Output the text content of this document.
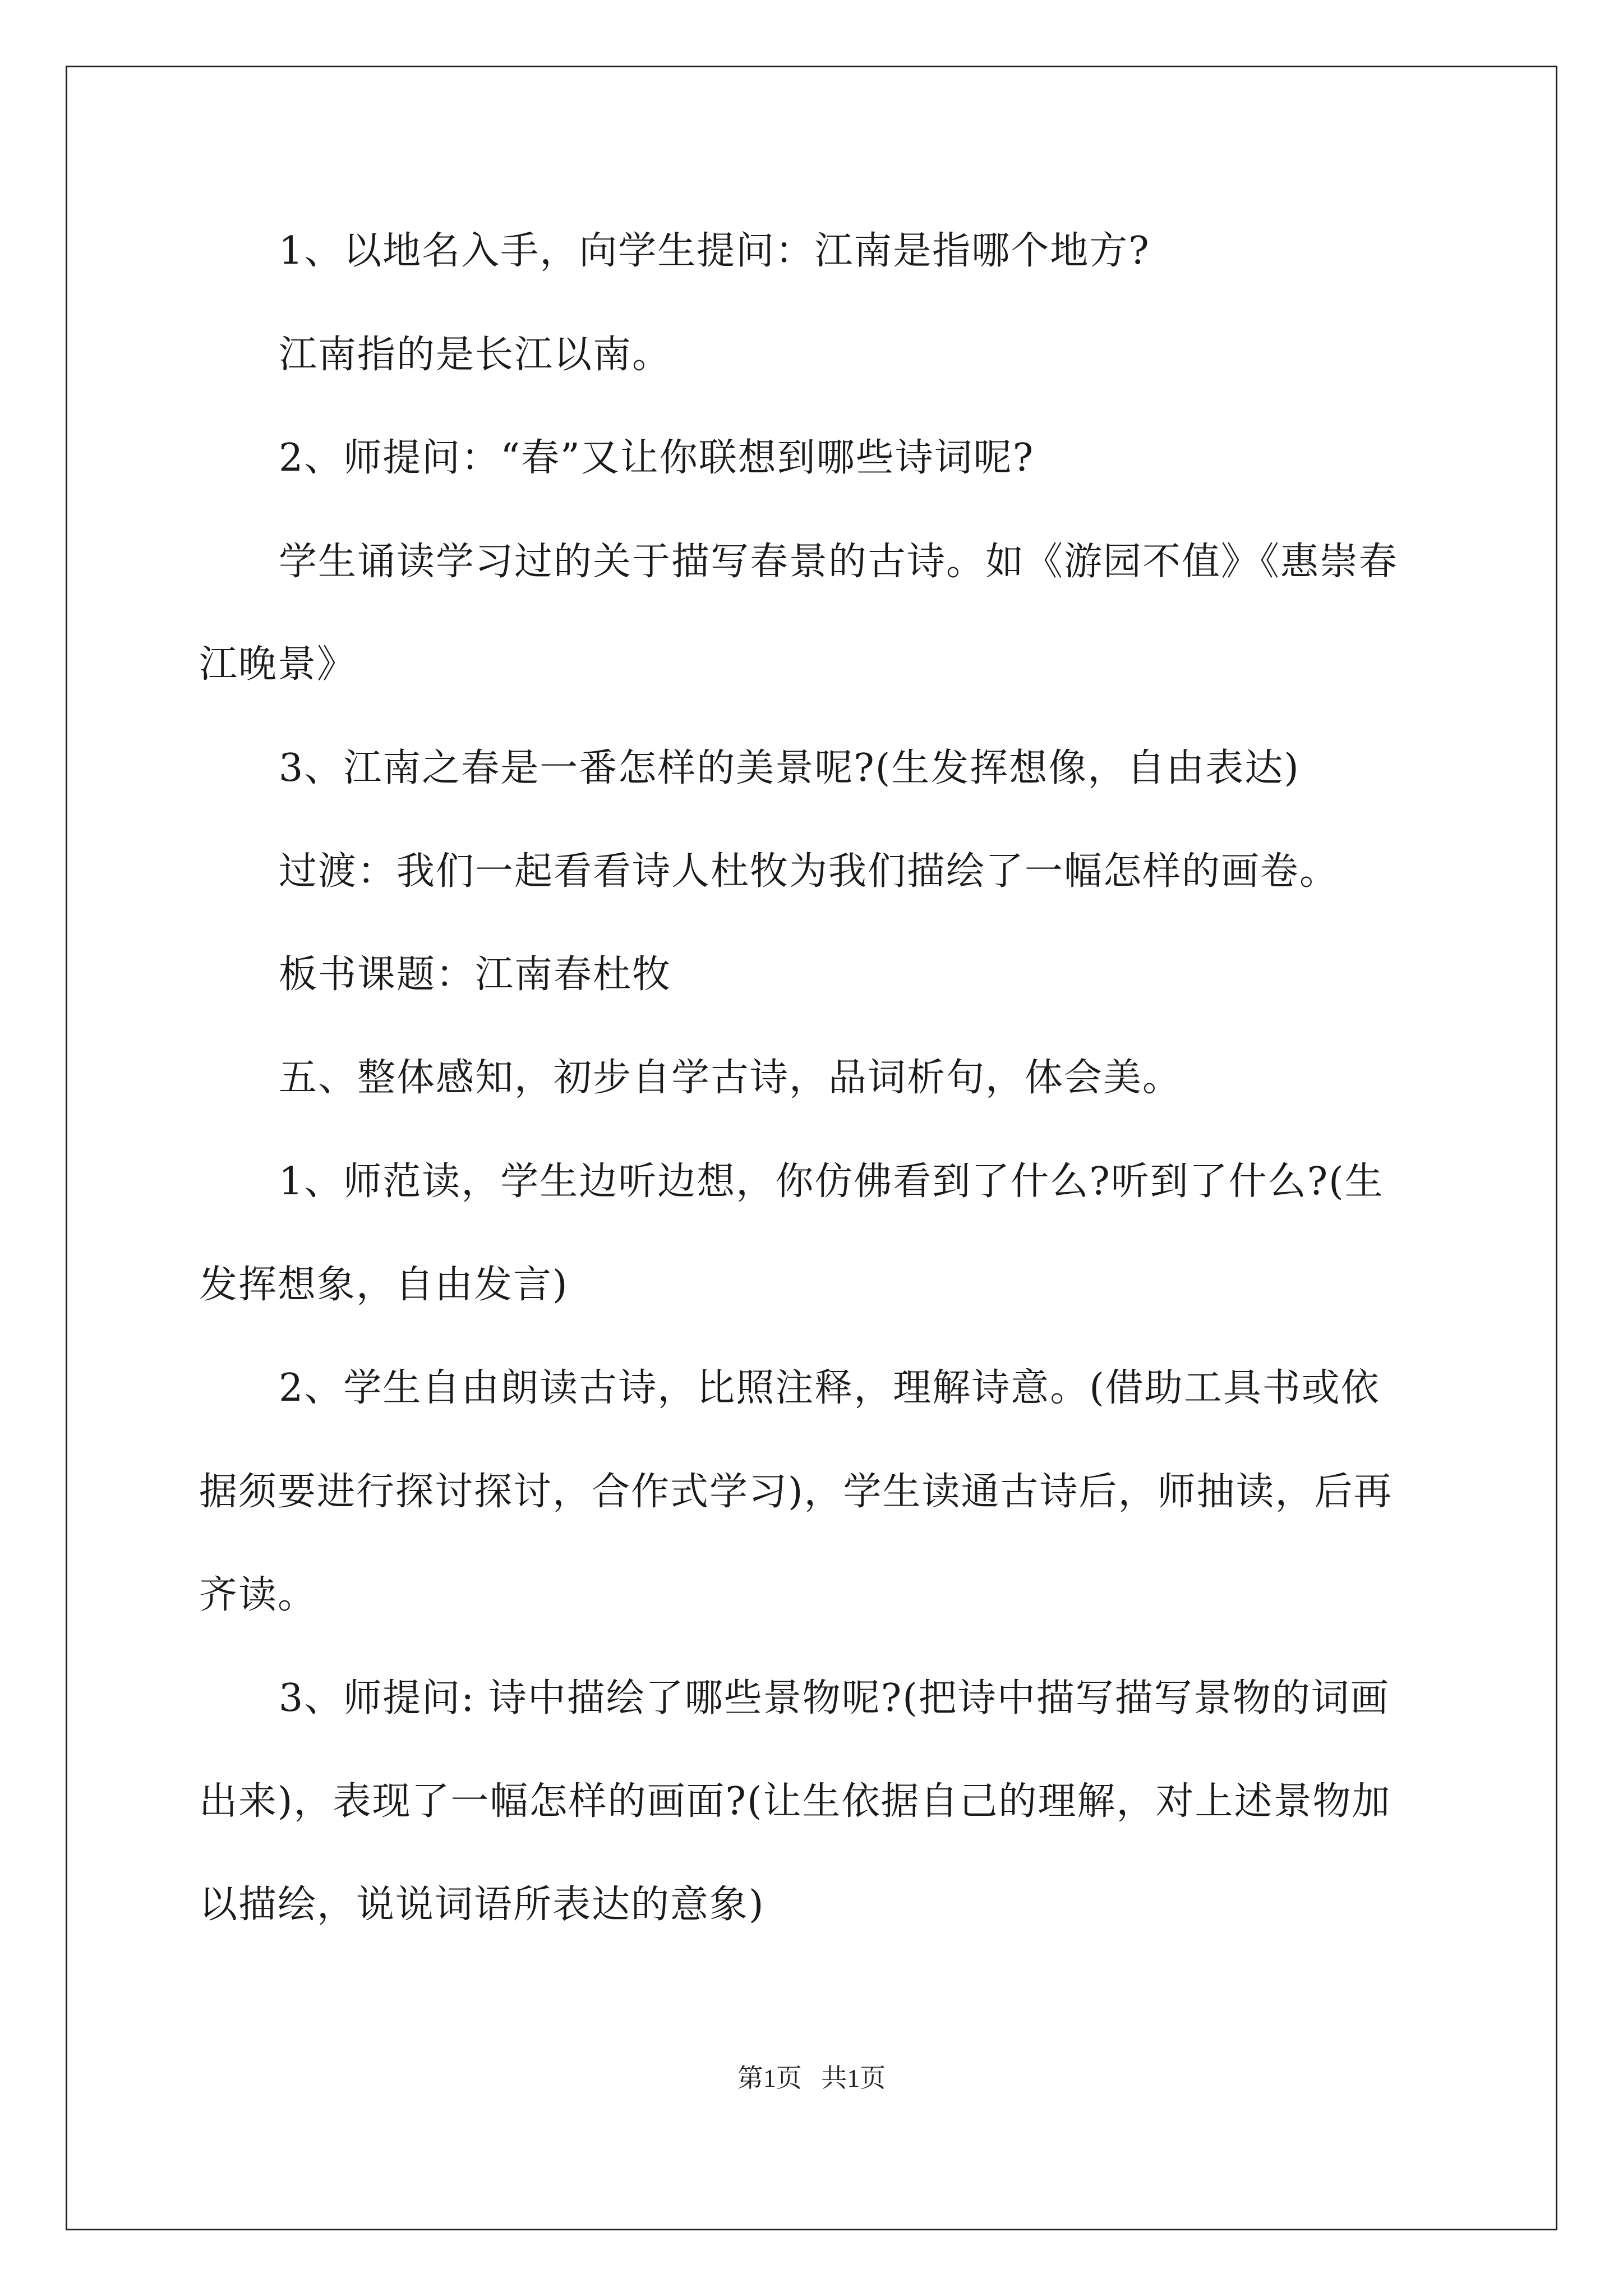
1、以地名入手，向学生提问：江南是指哪个地方?
江南指的是长江以南。
2、师提问：“春”又让你联想到哪些诗词呢?
学生诵读学习过的关于描写春景的古诗。如《游园不值》《惠崇春
江晚景》
3、江南之春是一番怎样的美景呢?(生发挥想像，自由表达)
过渡：我们一起看看诗人杜牧为我们描绘了一幅怎样的画卷。
板书课题：江南春杜牧
五、整体感知，初步自学古诗，品词析句，体会美。
1、师范读，学生边听边想，你仿佛看到了什么?听到了什么?(生
发挥想象，自由发言)
2、学生自由朗读古诗，比照注释，理解诗意。(借助工具书或依
据须要进行探讨探讨，合作式学习)，学生读通古诗后，师抽读，后再
齐读。
3、师提问: 诗中描绘了哪些景物呢?(把诗中描写描写景物的词画
出来)，表现了一幅怎样的画面?(让生依据自己的理解，对上述景物加
以描绘，说说词语所表达的意象)
第1页   共1页
